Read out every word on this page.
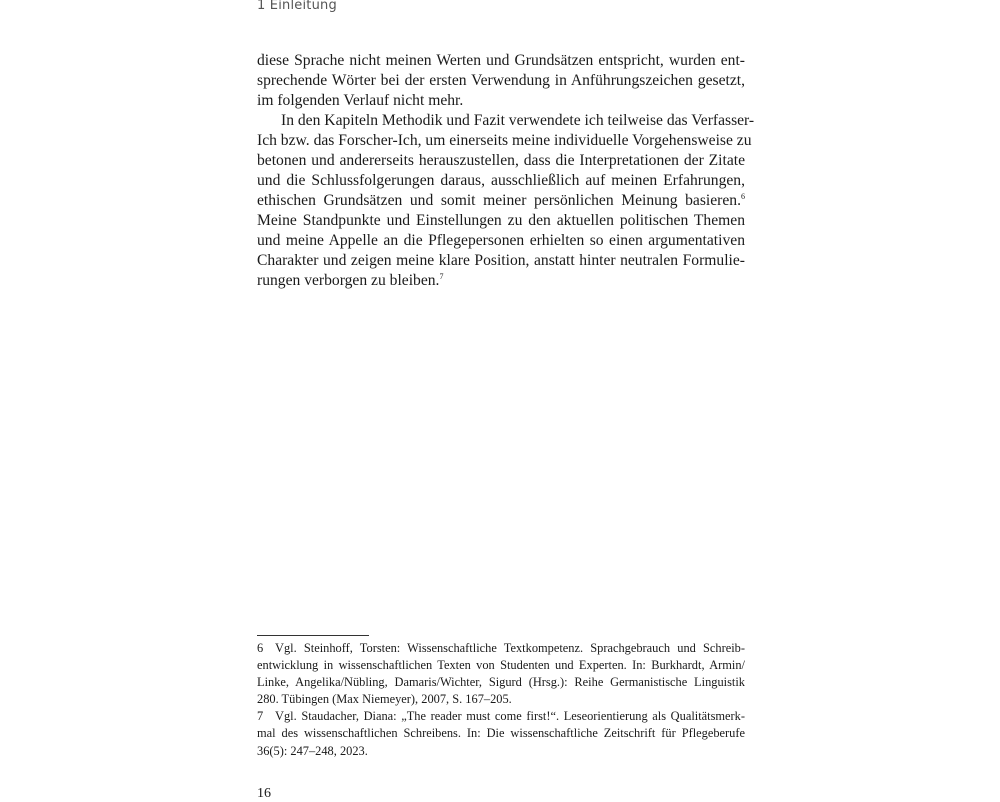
1 Einleitung
diese Sprache nicht meinen Werten und Grundsätzen entspricht, wurden ent-
sprechende Wörter bei der ersten Verwendung in Anführungszeichen gesetzt,
im folgenden Verlauf nicht mehr.
In den Kapiteln Methodik und Fazit verwendete ich teilweise das Verfasser-
Ich bzw. das Forscher-Ich, um einerseits meine individuelle Vorgehensweise zu
betonen und andererseits herauszustellen, dass die Interpretationen der Zitate
und die Schlussfolgerungen daraus, ausschließlich auf meinen Erfahrungen,
ethischen Grundsätzen und somit meiner persönlichen Meinung basieren.$^6$
Meine Standpunkte und Einstellungen zu den aktuellen politischen Themen
und meine Appelle an die Pflegepersonen erhielten so einen argumentativen
Charakter und zeigen meine klare Position, anstatt hinter neutralen Formulie-
rungen verborgen zu bleiben.$^7$
6 Vgl. Steinhoff, Torsten: Wissenschaftliche Textkompetenz. Sprachgebrauch und Schreib-
entwicklung in wissenschaftlichen Texten von Studenten und Experten. In: Burkhardt, Armin/
Linke, Angelika/Nübling, Damaris/Wichter, Sigurd (Hrsg.): Reihe Germanistische Linguistik
280. Tübingen (Max Niemeyer), 2007, S. 167–205.
7 Vgl. Staudacher, Diana: „The reader must come first!“. Leseorientierung als Qualitätsmerk-
mal des wissenschaftlichen Schreibens. In: Die wissenschaftliche Zeitschrift für Pflegeberufe
36(5): 247–248, 2023.
16
